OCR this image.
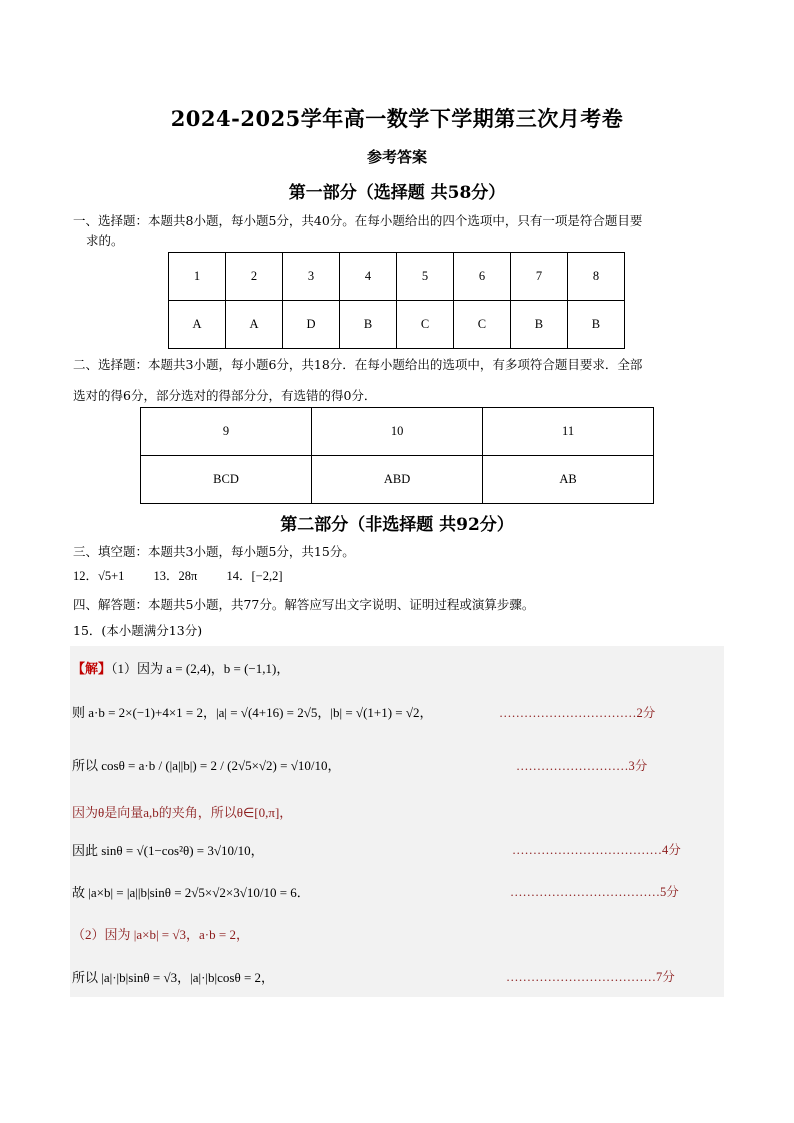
2024-2025学年高一数学下学期第三次月考卷
参考答案
第一部分（选择题 共58分）
一、选择题：本题共8小题，每小题5分，共40分。在每小题给出的四个选项中，只有一项是符合题目要
求的。
1	2	3	4	5	6	7	8
A	A	D	B	C	C	B	B
二、选择题：本题共3小题，每小题6分，共18分．在每小题给出的选项中，有多项符合题目要求．全部
选对的得6分，部分选对的得部分分，有选错的得0分．
9	10	11
BCD	ABD	AB
第二部分（非选择题 共92分）
三、填空题：本题共3小题，每小题5分，共15分。
12．√5+1 13．28π 14．[−2,2]
四、解答题：本题共5小题，共77分。解答应写出文字说明、证明过程或演算步骤。
15．(本小题满分13分)
【解】（1）因为 a = (2,4)，b = (−1,1)，
则 a·b = 2×(−1)+4×1 = 2，|a| = √(4+16) = 2√5，|b| = √(1+1) = √2，	……………………………2分
所以 cosθ = a·b / (|a||b|) = 2 / (2√5×√2) = √10/10，	………………………3分
因为θ是向量a,b的夹角，所以θ∈[0,π]，
因此 sinθ = √(1−cos²θ) = 3√10/10，	………………………………4分
故 |a×b| = |a||b|sinθ = 2√5×√2×3√10/10 = 6．	………………………………5分
（2）因为 |a×b| = √3，a·b = 2，
所以 |a|·|b|sinθ = √3，|a|·|b|cosθ = 2，	………………………………7分
